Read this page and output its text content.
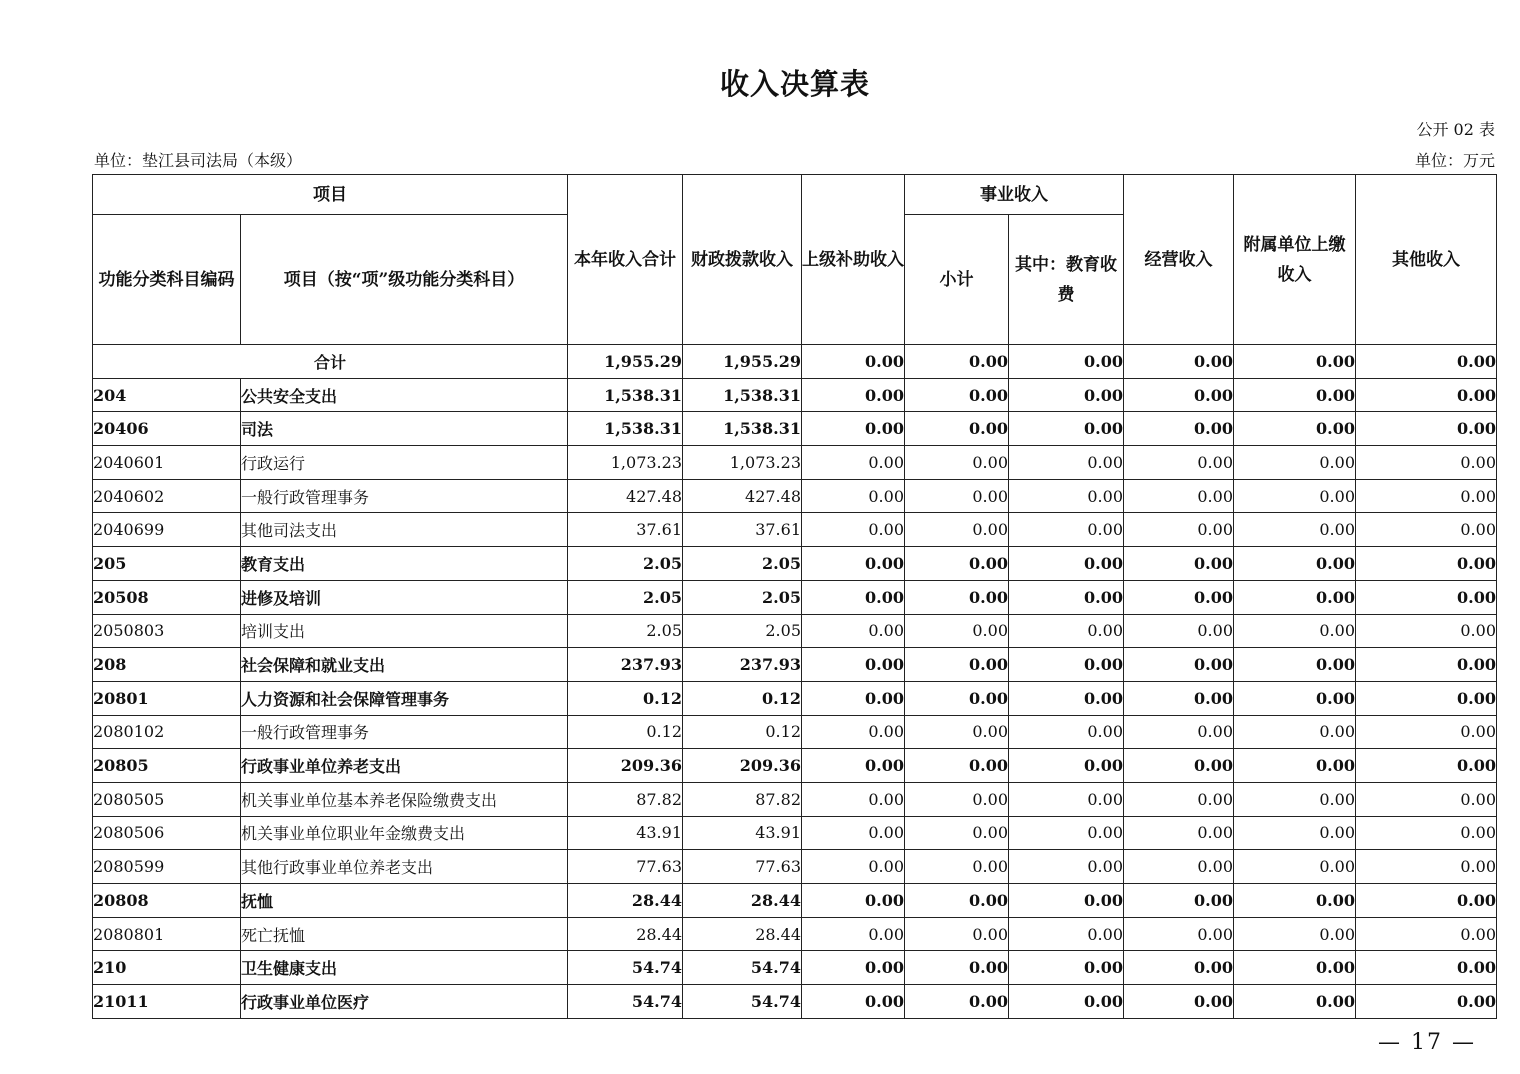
收入决算表
公开 02 表
单位：垫江县司法局（本级）	单位：万元
项目		本年收入合计	财政拨款收入	上级补助收入	事业收入		经营收入	附属单位上缴收入	其他收入
功能分类科目编码	项目（按“项”级功能分类科目）				小计	其中：教育收费			
合计		1,955.29	1,955.29	0.00	0.00	0.00	0.00	0.00	0.00
204	公共安全支出	1,538.31	1,538.31	0.00	0.00	0.00	0.00	0.00	0.00
20406	司法	1,538.31	1,538.31	0.00	0.00	0.00	0.00	0.00	0.00
2040601	行政运行	1,073.23	1,073.23	0.00	0.00	0.00	0.00	0.00	0.00
2040602	一般行政管理事务	427.48	427.48	0.00	0.00	0.00	0.00	0.00	0.00
2040699	其他司法支出	37.61	37.61	0.00	0.00	0.00	0.00	0.00	0.00
205	教育支出	2.05	2.05	0.00	0.00	0.00	0.00	0.00	0.00
20508	进修及培训	2.05	2.05	0.00	0.00	0.00	0.00	0.00	0.00
2050803	培训支出	2.05	2.05	0.00	0.00	0.00	0.00	0.00	0.00
208	社会保障和就业支出	237.93	237.93	0.00	0.00	0.00	0.00	0.00	0.00
20801	人力资源和社会保障管理事务	0.12	0.12	0.00	0.00	0.00	0.00	0.00	0.00
2080102	一般行政管理事务	0.12	0.12	0.00	0.00	0.00	0.00	0.00	0.00
20805	行政事业单位养老支出	209.36	209.36	0.00	0.00	0.00	0.00	0.00	0.00
2080505	机关事业单位基本养老保险缴费支出	87.82	87.82	0.00	0.00	0.00	0.00	0.00	0.00
2080506	机关事业单位职业年金缴费支出	43.91	43.91	0.00	0.00	0.00	0.00	0.00	0.00
2080599	其他行政事业单位养老支出	77.63	77.63	0.00	0.00	0.00	0.00	0.00	0.00
20808	抚恤	28.44	28.44	0.00	0.00	0.00	0.00	0.00	0.00
2080801	死亡抚恤	28.44	28.44	0.00	0.00	0.00	0.00	0.00	0.00
210	卫生健康支出	54.74	54.74	0.00	0.00	0.00	0.00	0.00	0.00
21011	行政事业单位医疗	54.74	54.74	0.00	0.00	0.00	0.00	0.00	0.00
— 17 —
